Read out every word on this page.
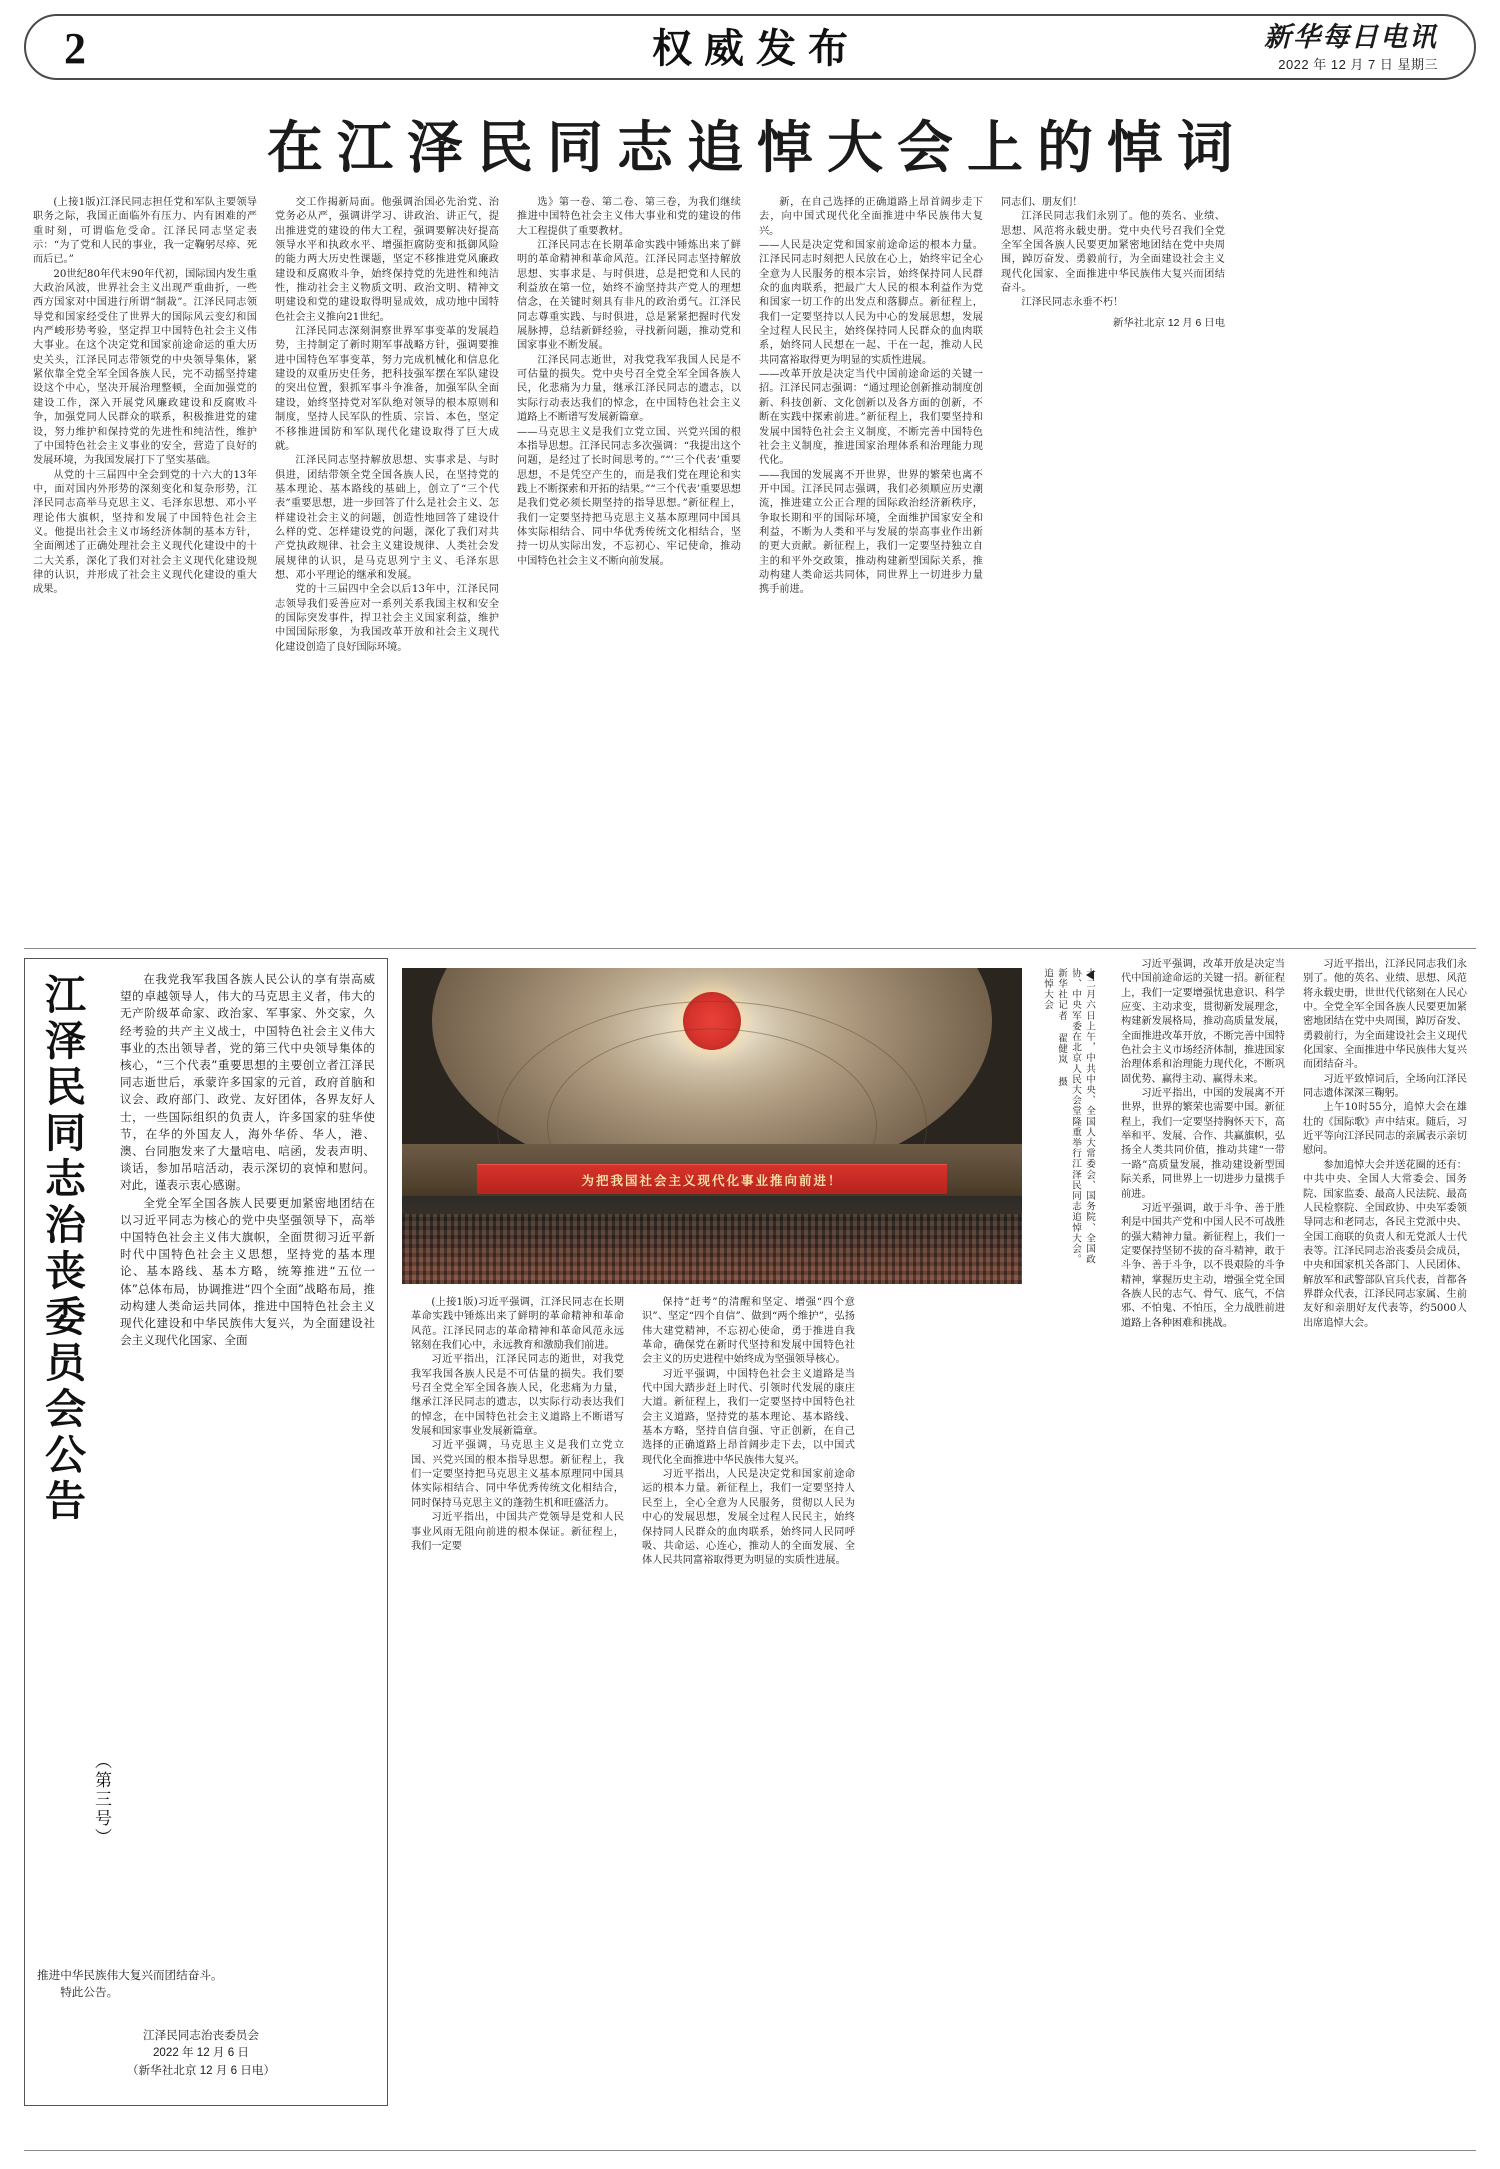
2	权威发布	新华每日电讯
2022 年 12 月 7 日 星期三
在江泽民同志追悼大会上的悼词

(上接1版)江泽民同志担任党和军队主要领导职务之际，我国正面临外有压力、内有困难的严重时刻，可谓临危受命。江泽民同志坚定表示：“为了党和人民的事业，我一定鞠躬尽瘁、死而后已。”

20世纪80年代末90年代初，国际国内发生重大政治风波，世界社会主义出现严重曲折，一些西方国家对中国进行所谓“制裁”。江泽民同志领导党和国家经受住了世界大的国际风云变幻和国内严峻形势考验，坚定捍卫中国特色社会主义伟大事业。在这个决定党和国家前途命运的重大历史关头，江泽民同志带领党的中央领导集体，紧紧依靠全党全军全国各族人民，完不动摇坚持建设这个中心，坚决开展治理整顿，全面加强党的建设工作，深入开展党风廉政建设和反腐败斗争，加强党同人民群众的联系，积极推进党的建设，努力维护和保持党的先进性和纯洁性，维护了中国特色社会主义事业的安全，营造了良好的发展环境，为我国发展打下了坚实基础。

从党的十三届四中全会到党的十六大的13年中，面对国内外形势的深刻变化和复杂形势，江泽民同志高举马克思主义、毛泽东思想、邓小平理论伟大旗帜，坚持和发展了中国特色社会主义。他提出社会主义市场经济体制的基本方针，全面阐述了正确处理社会主义现代化建设中的十二大关系，深化了我们对社会主义现代化建设规律的认识，并形成了社会主义现代化建设的重大成果。

交工作揭新局面。他强调治国必先治党、治党务必从严，强调讲学习、讲政治、讲正气，提出推进党的建设的伟大工程，强调要解决好提高领导水平和执政水平、增强拒腐防变和抵御风险的能力两大历史性课题，坚定不移推进党风廉政建设和反腐败斗争，始终保持党的先进性和纯洁性，推动社会主义物质文明、政治文明、精神文明建设和党的建设取得明显成效，成功地中国特色社会主义推向21世纪。

江泽民同志深刻洞察世界军事变革的发展趋势，主持制定了新时期军事战略方针，强调要推进中国特色军事变革，努力完成机械化和信息化建设的双重历史任务，把科技强军摆在军队建设的突出位置，狠抓军事斗争准备，加强军队全面建设，始终坚持党对军队绝对领导的根本原则和制度，坚持人民军队的性质、宗旨、本色，坚定不移推进国防和军队现代化建设取得了巨大成就。

江泽民同志坚持解放思想、实事求是、与时俱进，团结带领全党全国各族人民，在坚持党的基本理论、基本路线的基础上，创立了“三个代表”重要思想，进一步回答了什么是社会主义、怎样建设社会主义的问题，创造性地回答了建设什么样的党、怎样建设党的问题，深化了我们对共产党执政规律、社会主义建设规律、人类社会发展规律的认识，是马克思列宁主义、毛泽东思想、邓小平理论的继承和发展。

党的十三届四中全会以后13年中，江泽民同志领导我们妥善应对一系列关系我国主权和安全的国际突发事件，捍卫社会主义国家利益，维护中国国际形象，为我国改革开放和社会主义现代化建设创造了良好国际环境。

选》第一卷、第二卷、第三卷，为我们继续推进中国特色社会主义伟大事业和党的建设的伟大工程提供了重要教材。

江泽民同志在长期革命实践中锤炼出来了鲜明的革命精神和革命风范。江泽民同志坚持解放思想、实事求是、与时俱进，总是把党和人民的利益放在第一位，始终不渝坚持共产党人的理想信念，在关键时刻具有非凡的政治勇气。江泽民同志尊重实践、与时俱进，总是紧紧把握时代发展脉搏，总结新鲜经验，寻找新问题，推动党和国家事业不断发展。

江泽民同志逝世，对我党我军我国人民是不可估量的损失。党中央号召全党全军全国各族人民，化悲痛为力量，继承江泽民同志的遗志，以实际行动表达我们的悼念，在中国特色社会主义道路上不断谱写发展新篇章。

——马克思主义是我们立党立国、兴党兴国的根本指导思想。江泽民同志多次强调：“我提出这个问题，是经过了长时间思考的。”“‘三个代表’重要思想，不是凭空产生的，而是我们党在理论和实践上不断探索和开拓的结果。”“三个代表’重要思想是我们党必须长期坚持的指导思想。”新征程上，我们一定要坚持把马克思主义基本原理同中国具体实际相结合、同中华优秀传统文化相结合，坚持一切从实际出发，不忘初心、牢记使命，推动中国特色社会主义不断向前发展。

新，在自己选择的正确道路上昂首阔步走下去，向中国式现代化全面推进中华民族伟大复兴。

——人民是决定党和国家前途命运的根本力量。江泽民同志时刻把人民放在心上，始终牢记全心全意为人民服务的根本宗旨，始终保持同人民群众的血肉联系，把最广大人民的根本利益作为党和国家一切工作的出发点和落脚点。新征程上，我们一定要坚持以人民为中心的发展思想，发展全过程人民民主，始终保持同人民群众的血肉联系，始终同人民想在一起、干在一起，推动人民共同富裕取得更为明显的实质性进展。

——改革开放是决定当代中国前途命运的关键一招。江泽民同志强调：“通过理论创新推动制度创新、科技创新、文化创新以及各方面的创新，不断在实践中探索前进。”新征程上，我们要坚持和发展中国特色社会主义制度，不断完善中国特色社会主义制度，推进国家治理体系和治理能力现代化。

——我国的发展离不开世界，世界的繁荣也离不开中国。江泽民同志强调，我们必须顺应历史潮流，推进建立公正合理的国际政治经济新秩序，争取长期和平的国际环境，全面维护国家安全和利益，不断为人类和平与发展的崇高事业作出新的更大贡献。新征程上，我们一定要坚持独立自主的和平外交政策，推动构建新型国际关系，推动构建人类命运共同体，同世界上一切进步力量携手前进。

同志们、朋友们！

江泽民同志我们永别了。他的英名、业绩、思想、风范将永载史册。党中央代号召我们全党全军全国各族人民要更加紧密地团结在党中央周围，踔厉奋发、勇毅前行，为全面建设社会主义现代化国家、全面推进中华民族伟大复兴而团结奋斗。

江泽民同志永垂不朽！

新华社北京 12 月 6 日电
江泽民同志治丧委员会公告
（第三号）

在我党我军我国各族人民公认的享有崇高威望的卓越领导人，伟大的马克思主义者，伟大的无产阶级革命家、政治家、军事家、外交家，久经考验的共产主义战士，中国特色社会主义伟大事业的杰出领导者，党的第三代中央领导集体的核心，“三个代表”重要思想的主要创立者江泽民同志逝世后，承蒙许多国家的元首，政府首脑和议会、政府部门、政党、友好团体，各界友好人士，一些国际组织的负责人，许多国家的驻华使节，在华的外国友人，海外华侨、华人，港、澳、台同胞发来了大量唁电、唁函，发表声明、谈话，参加吊唁活动，表示深切的哀悼和慰问。对此，谨表示衷心感谢。

全党全军全国各族人民要更加紧密地团结在以习近平同志为核心的党中央坚强领导下，高举中国特色社会主义伟大旗帜，全面贯彻习近平新时代中国特色社会主义思想，坚持党的基本理论、基本路线、基本方略，统筹推进“五位一体”总体布局，协调推进“四个全面”战略布局，推动构建人类命运共同体，推进中国特色社会主义现代化建设和中华民族伟大复兴，为全面建设社会主义现代化国家、全面

推进中华民族伟大复兴而团结奋斗。

特此公告。

江泽民同志治丧委员会
2022 年 12 月 6 日
（新华社北京 12 月 6 日电）
为把我国社会主义现代化事业推向前进！	十二月六日上午，中共中央、全国人大常委会、国务院、全国政协、中央军委在北京人民大会堂隆重举行江泽民同志追悼大会。
新华社记者 翟健岚 摄
追悼大会

(上接1版)习近平强调，江泽民同志在长期革命实践中锤炼出来了鲜明的革命精神和革命风范。江泽民同志的革命精神和革命风范永远铭刻在我们心中，永远教育和激励我们前进。

习近平指出，江泽民同志的逝世，对我党我军我国各族人民是不可估量的损失。我们要号召全党全军全国各族人民，化悲痛为力量，继承江泽民同志的遗志，以实际行动表达我们的悼念，在中国特色社会主义道路上不断谱写发展和国家事业发展新篇章。

习近平强调，马克思主义是我们立党立国、兴党兴国的根本指导思想。新征程上，我们一定要坚持把马克思主义基本原理同中国具体实际相结合、同中华优秀传统文化相结合，同时保持马克思主义的蓬勃生机和旺盛活力。

习近平指出，中国共产党领导是党和人民事业风雨无阻向前进的根本保证。新征程上，我们一定要

保持“赶考”的清醒和坚定、增强“四个意识”、坚定“四个自信”、做到“两个维护”，弘扬伟大建党精神，不忘初心使命，勇于推进自我革命，确保党在新时代坚持和发展中国特色社会主义的历史进程中始终成为坚强领导核心。

习近平强调，中国特色社会主义道路是当代中国大踏步赶上时代、引领时代发展的康庄大道。新征程上，我们一定要坚持中国特色社会主义道路，坚持党的基本理论、基本路线、基本方略，坚持自信自强、守正创新，在自己选择的正确道路上昂首阔步走下去，以中国式现代化全面推进中华民族伟大复兴。

习近平指出，人民是决定党和国家前途命运的根本力量。新征程上，我们一定要坚持人民至上，全心全意为人民服务，贯彻以人民为中心的发展思想，发展全过程人民民主，始终保持同人民群众的血肉联系，始终同人民同呼吸、共命运、心连心，推动人的全面发展、全体人民共同富裕取得更为明显的实质性进展。

习近平强调，改革开放是决定当代中国前途命运的关键一招。新征程上，我们一定要增强忧患意识、科学应变、主动求变，贯彻新发展理念，构建新发展格局，推动高质量发展，全面推进改革开放，不断完善中国特色社会主义市场经济体制，推进国家治理体系和治理能力现代化，不断巩固优势、赢得主动、赢得未来。

习近平指出，中国的发展离不开世界，世界的繁荣也需要中国。新征程上，我们一定要坚持胸怀天下，高举和平、发展、合作、共赢旗帜，弘扬全人类共同价值，推动共建“一带一路”高质量发展，推动建设新型国际关系，同世界上一切进步力量携手前进。

习近平强调，敢于斗争、善于胜利是中国共产党和中国人民不可战胜的强大精神力量。新征程上，我们一定要保持坚韧不拔的奋斗精神，敢于斗争、善于斗争，以不畏艰险的斗争精神，掌握历史主动，增强全党全国各族人民的志气、骨气、底气，不信邪、不怕鬼、不怕压，全力战胜前进道路上各种困难和挑战。

习近平指出，江泽民同志我们永别了。他的英名、业绩、思想、风范将永载史册，世世代代铭刻在人民心中。全党全军全国各族人民要更加紧密地团结在党中央周围，踔厉奋发、勇毅前行，为全面建设社会主义现代化国家、全面推进中华民族伟大复兴而团结奋斗。

习近平致悼词后，全场向江泽民同志遗体深深三鞠躬。

上午10时55分，追悼大会在雄壮的《国际歌》声中结束。随后，习近平等向江泽民同志的亲属表示亲切慰问。

参加追悼大会并送花圈的还有：中共中央、全国人大常委会、国务院、国家监委、最高人民法院、最高人民检察院、全国政协、中央军委领导同志和老同志，各民主党派中央、全国工商联的负责人和无党派人士代表等。江泽民同志治丧委员会成员，中央和国家机关各部门、人民团体、解放军和武警部队官兵代表，首都各界群众代表，江泽民同志家属、生前友好和亲朋好友代表等，约5000人出席追悼大会。
